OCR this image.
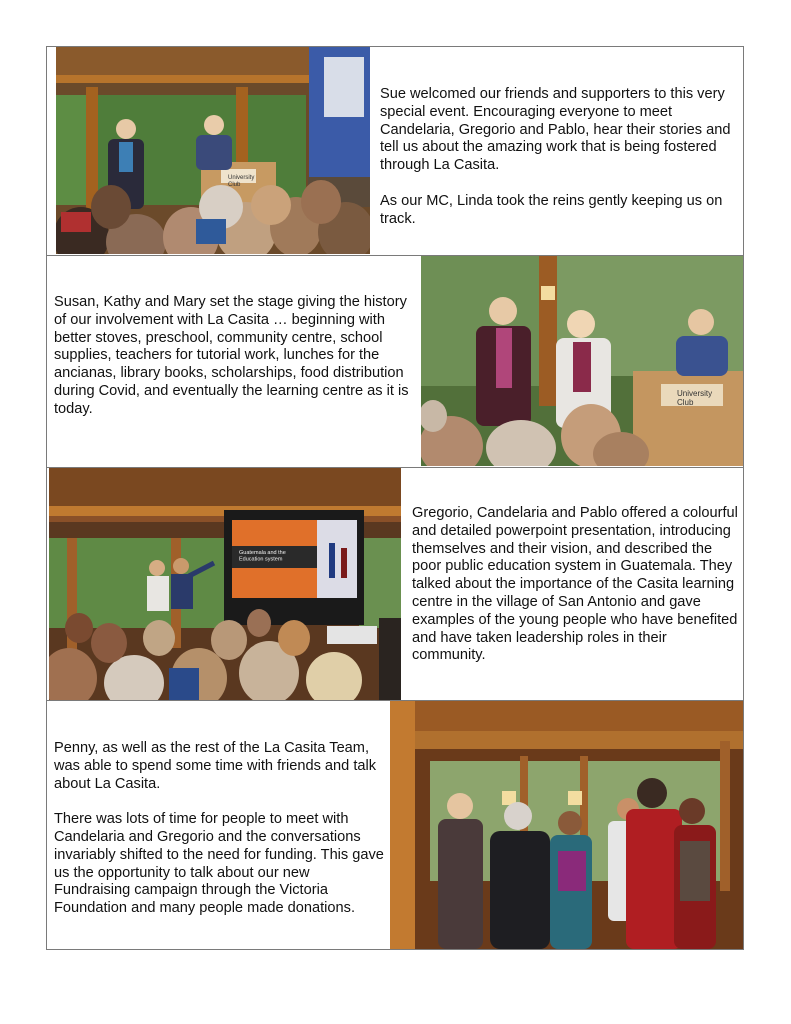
University Club
Sue welcomed our friends and supporters to this very special event. Encouraging everyone to meet Candelaria, Gregorio and Pablo, hear their stories and tell us about the amazing work that is being fostered through La Casita.

As our MC, Linda took the reins gently keeping us on track.
Susan, Kathy and Mary set the stage giving the history of our involvement with La Casita … beginning with better stoves, preschool, community centre, school supplies, teachers for tutorial work, lunches for the ancianas, library books, scholarships, food distribution during Covid, and eventually the learning centre as it is today.
University Club
Guatemala and the Education system
Gregorio, Candelaria and Pablo offered a colourful and detailed powerpoint presentation, introducing themselves and their vision, and described the poor public education system in Guatemala. They talked about the importance of the Casita learning centre in the village of San Antonio and gave examples of the young people who have benefited and have taken leadership roles in their community.
Penny, as well as the rest of the La Casita Team, was able to spend some time with friends and talk about La Casita.

There was lots of time for people to meet with Candelaria and Gregorio and the conversations invariably shifted to the need for funding. This gave us the opportunity to talk about our new Fundraising campaign through the Victoria Foundation and many people made donations.
